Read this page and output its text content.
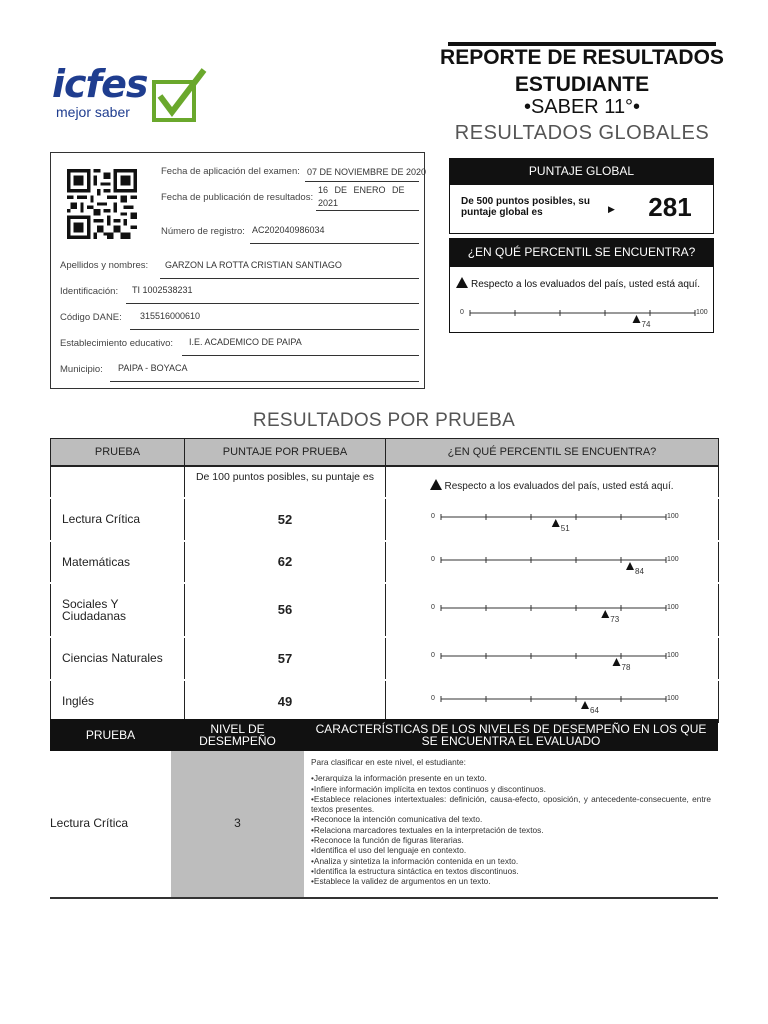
icfes
mejor saber
REPORTE DE RESULTADOS
ESTUDIANTE
•SABER 11°•
RESULTADOS GLOBALES
Fecha de aplicación del examen: 07 DE NOVIEMBRE DE 2020
Fecha de publicación de resultados:
16 DE ENERO DE
2021
Número de registro: AC202040986034
Apellidos y nombres: GARZON LA ROTTA CRISTIAN SANTIAGO
Identificación: TI 1002538231
Código DANE: 315516000610
Establecimiento educativo: I.E. ACADEMICO DE PAIPA
Municipio: PAIPA - BOYACA
PUNTAJE GLOBAL
De 500 puntos posibles, su puntaje global es	▶	281
¿EN QUÉ PERCENTIL SE ENCUENTRA?
Respecto a los evaluados del país, usted está aquí.
0	100
74
RESULTADOS POR PRUEBA
PRUEBA	PUNTAJE POR PRUEBA	¿EN QUÉ PERCENTIL SE ENCUENTRA?
	De 100 puntos posibles, su puntaje es	Respecto a los evaluados del país, usted está aquí.
Lectura Crítica	52	0 100
51

Matemáticas	62	0 100
84

Sociales Y Ciudadanas	56	0 100
73

Ciencias Naturales	57	0 100
78

Inglés	49	0 100
64
PRUEBA	NIVEL DE DESEMPEÑO
CARACTERÍSTICAS DE LOS NIVELES DE DESEMPEÑO EN LOS QUE SE ENCUENTRA EL EVALUADO
Lectura Crítica	3
Para clasificar en este nivel, el estudiante:
• Jerarquiza la información presente en un texto.
• Infiere información implícita en textos continuos y discontinuos.
• Establece relaciones intertextuales: definición, causa-efecto, oposición, y antecedente-consecuente, entre textos presentes.
• Reconoce la intención comunicativa del texto.
• Relaciona marcadores textuales en la interpretación de textos.
• Reconoce la función de figuras literarias.
• Identifica el uso del lenguaje en contexto.
• Analiza y sintetiza la información contenida en un texto.
• Identifica la estructura sintáctica en textos discontinuos.
• Establece la validez de argumentos en un texto.
